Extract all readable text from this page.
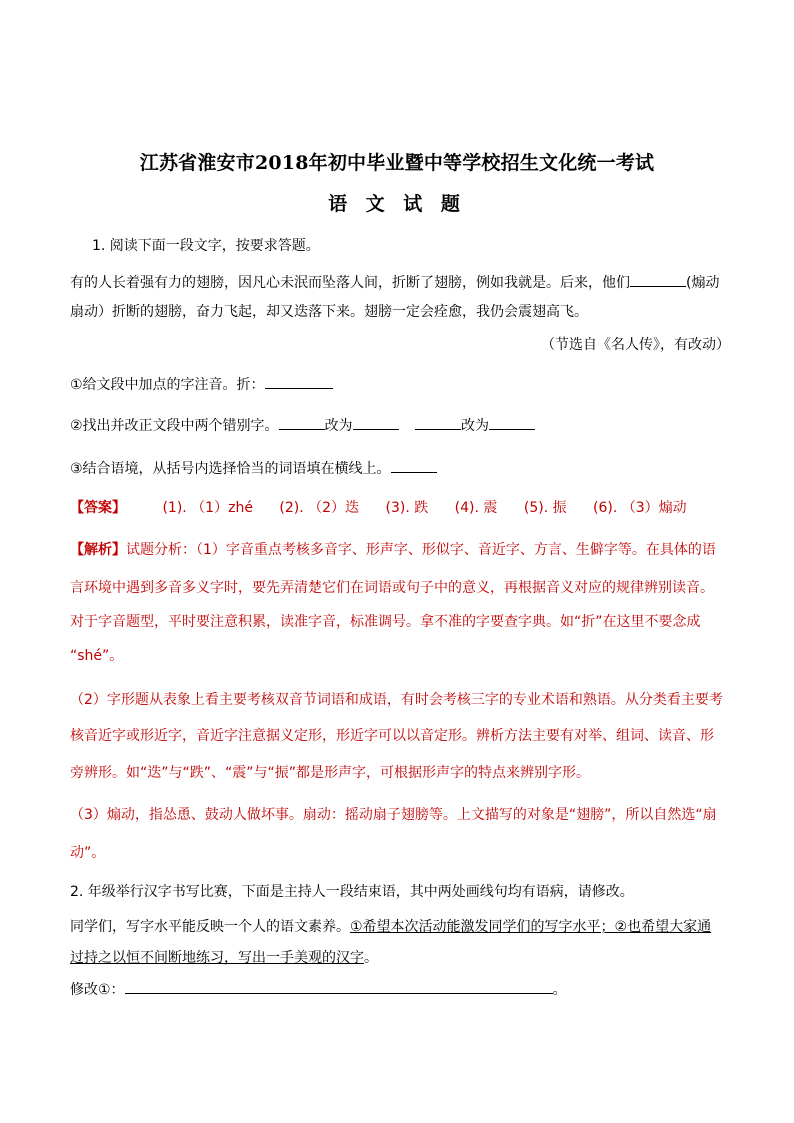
江苏省淮安市2018年初中毕业暨中等学校招生文化统一考试
语 文 试 题
1. 阅读下面一段文字，按要求答题。
有的人长着强有力的翅膀，因凡心未泯而坠落人间，折断了翅膀，例如我就是。后来，他们	(煽动
扇动）折断的翅膀，奋力飞起，却又迭落下来。翅膀一定会痊愈，我仍会震翅高飞。
（节选自《名人传》，有改动）
①给文段中加点的字注音。折：
②找出并改正文段中两个错别字。	改为	改为
③结合语境，从括号内选择恰当的词语填在横线上。
【答案】	(1). （1）zhé (2). （2）迭 (3). 跌 (4). 震 (5). 振 (6). （3）煽动
【解析】试题分析：（1）字音重点考核多音字、形声字、形似字、音近字、方言、生僻字等。在具体的语
言环境中遇到多音多义字时，要先弄清楚它们在词语或句子中的意义，再根据音义对应的规律辨别读音。
对于字音题型，平时要注意积累，读准字音，标准调号。拿不准的字要查字典。如“折”在这里不要念成
“shé”。
（2）字形题从表象上看主要考核双音节词语和成语，有时会考核三字的专业术语和熟语。从分类看主要考
核音近字或形近字，音近字注意据义定形，形近字可以以音定形。辨析方法主要有对举、组词、读音、形
旁辨形。如“迭”与“跌”、“震”与“振”都是形声字，可根据形声字的特点来辨别字形。
（3）煽动，指怂恿、鼓动人做坏事。扇动：摇动扇子翅膀等。上文描写的对象是“翅膀”，所以自然选“扇
动”。
2. 年级举行汉字书写比赛，下面是主持人一段结束语，其中两处画线句均有语病，请修改。
同学们，写字水平能反映一个人的语文素养。①希望本次活动能激发同学们的写字水平；②也希望大家通
过持之以恒不间断地练习，写出一手美观的汉字。
修改①：	。
